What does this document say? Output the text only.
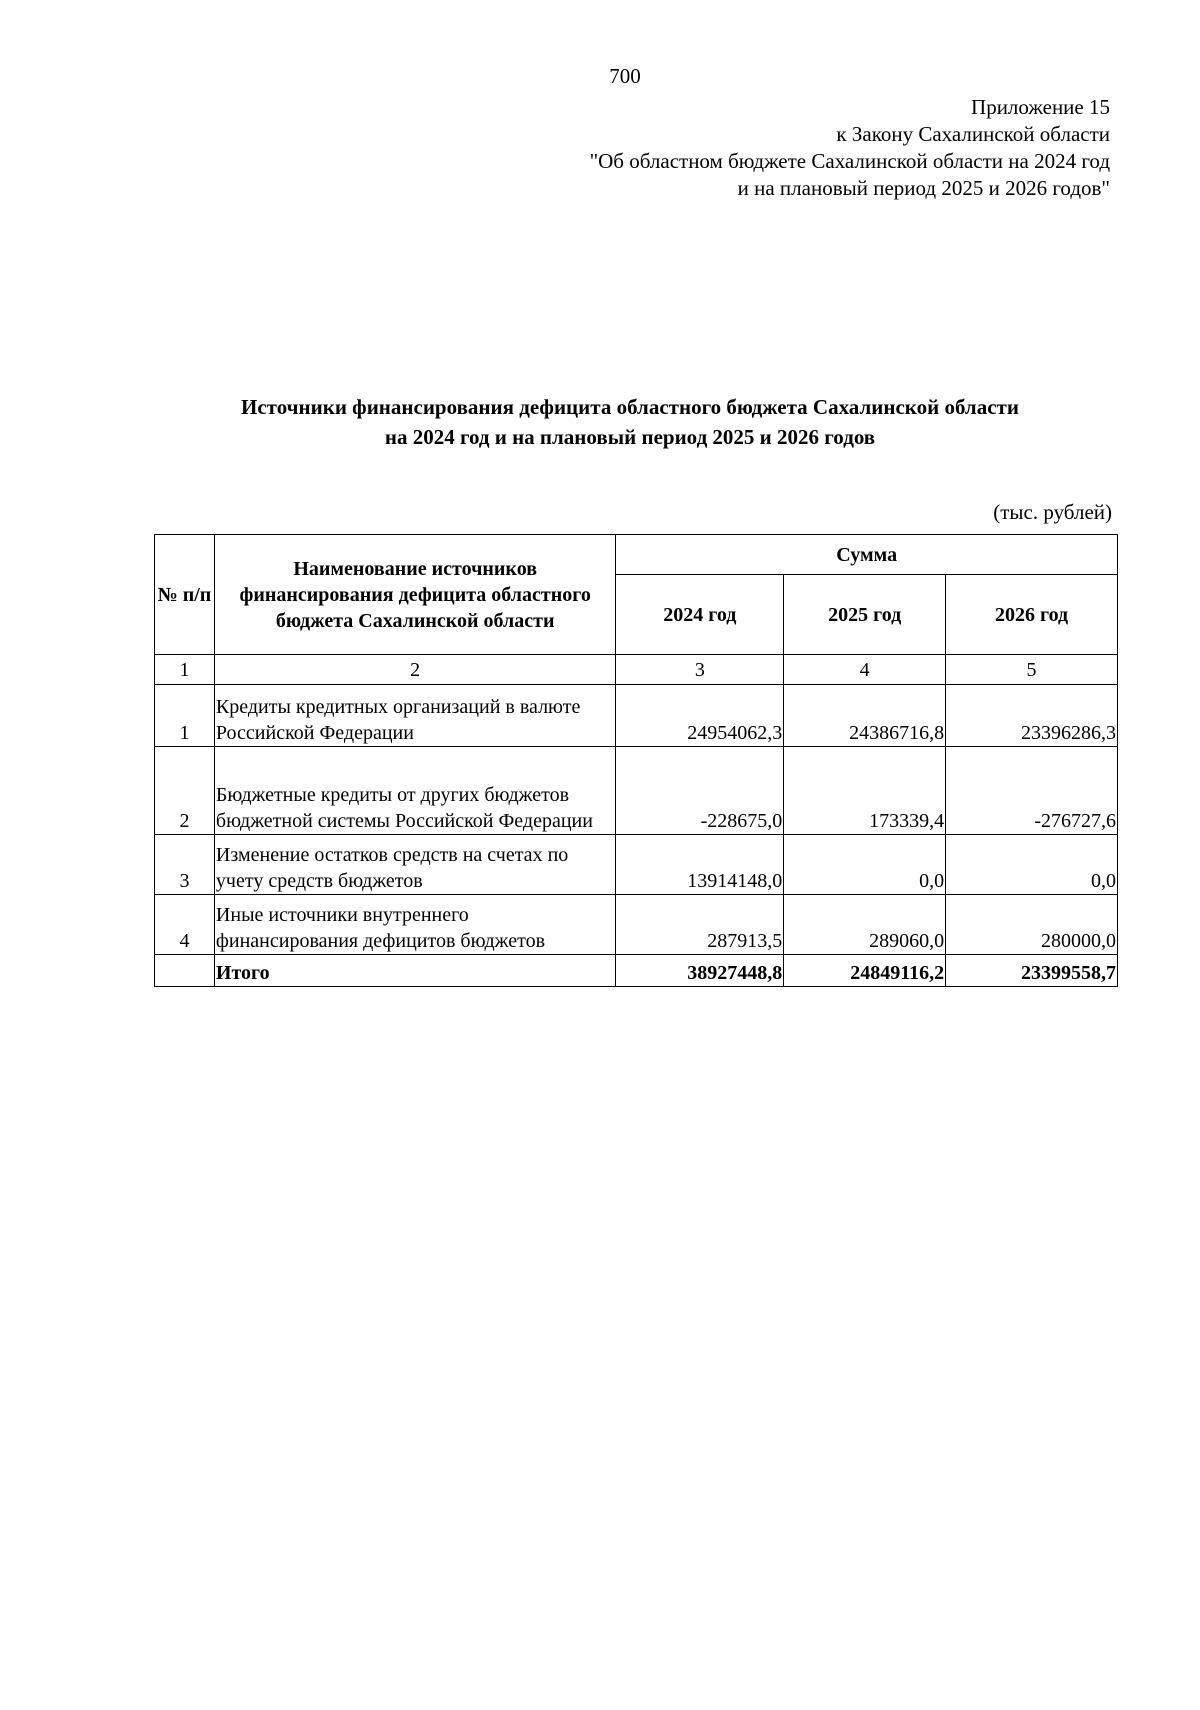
700
Приложение 15
к Закону Сахалинской области
"Об областном бюджете Сахалинской области на 2024 год
и на плановый период 2025 и 2026 годов"
Источники финансирования дефицита областного бюджета Сахалинской области
на 2024 год и на плановый период 2025 и 2026 годов
(тыс. рублей)
№ п/п	Наименование источников финансирования дефицита областного бюджета Сахалинской области	Сумма		
		2024 год	2025 год	2026 год
1	2	3	4	5
1	Кредиты кредитных организаций в валюте Российской Федерации	24954062,3	24386716,8	23396286,3
2	Бюджетные кредиты от других бюджетов бюджетной системы Российской Федерации	-228675,0	173339,4	-276727,6
3	Изменение остатков средств на счетах по учету средств бюджетов	13914148,0	0,0	0,0
4	Иные источники внутреннего финансирования дефицитов бюджетов	287913,5	289060,0	280000,0
	Итого	38927448,8	24849116,2	23399558,7
